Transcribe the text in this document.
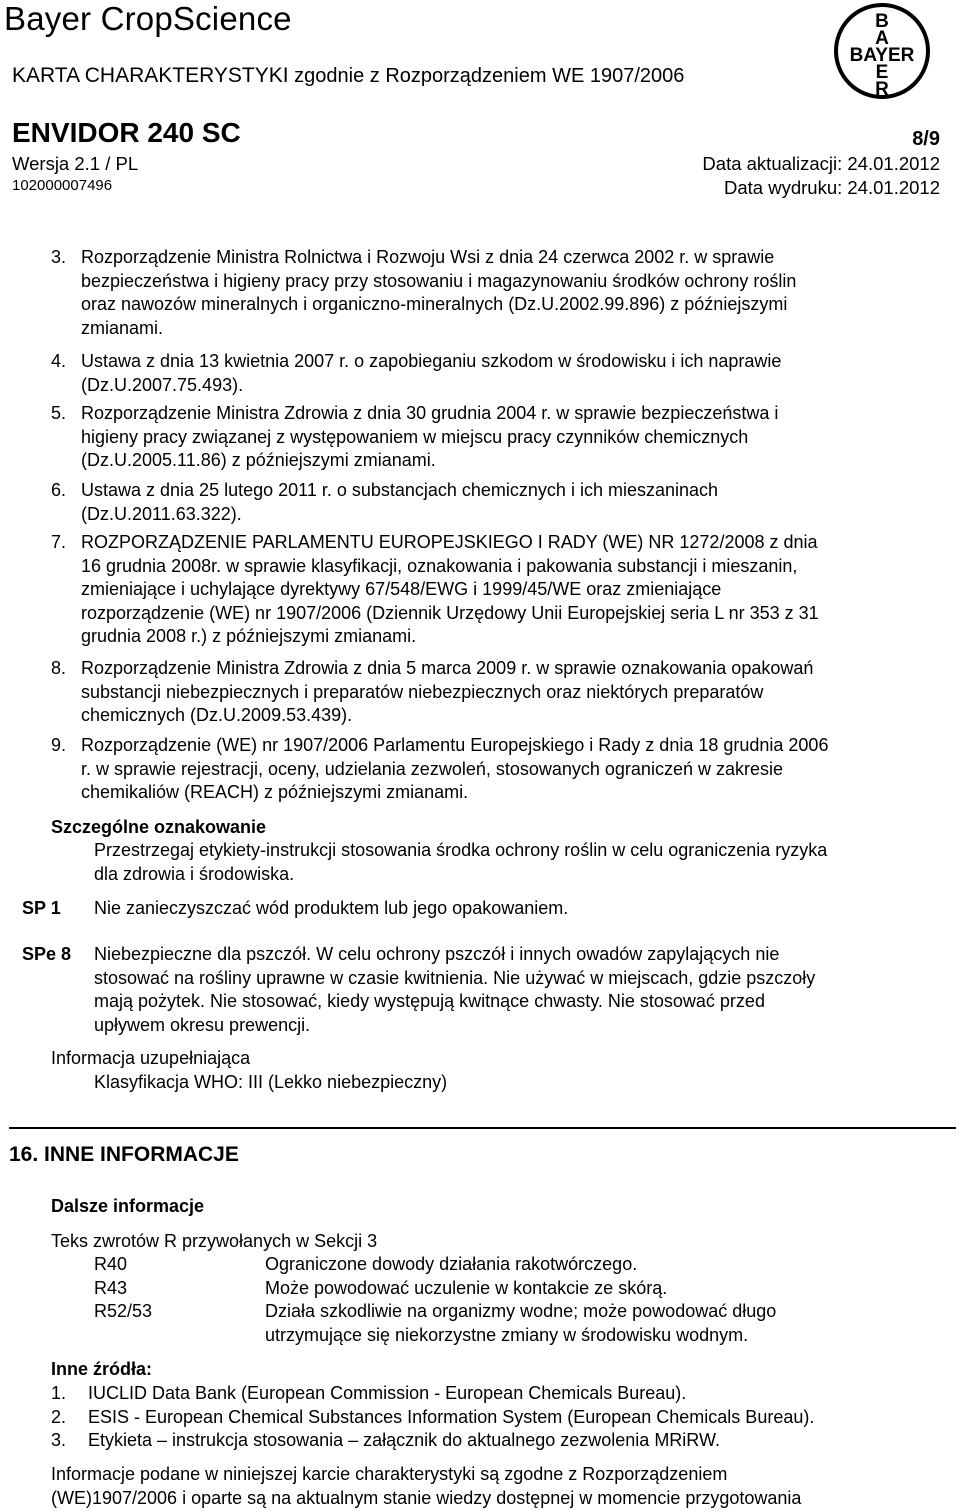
Bayer CropScience
KARTA CHARAKTERYSTYKI zgodnie z Rozporządzeniem WE 1907/2006
ENVIDOR 240 SC
Wersja 2.1 / PL
102000007496
8/9
Data aktualizacji: 24.01.2012
Data wydruku: 24.01.2012
B
A
E
R
BAYER
3. Rozporządzenie Ministra Rolnictwa i Rozwoju Wsi z dnia 24 czerwca 2002 r. w sprawie
bezpieczeństwa i higieny pracy przy stosowaniu i magazynowaniu środków ochrony roślin
oraz nawozów mineralnych i organiczno-mineralnych (Dz.U.2002.99.896) z późniejszymi
zmianami.
4. Ustawa z dnia 13 kwietnia 2007 r. o zapobieganiu szkodom w środowisku i ich naprawie
(Dz.U.2007.75.493).
5. Rozporządzenie Ministra Zdrowia z dnia 30 grudnia 2004 r. w sprawie bezpieczeństwa i
higieny pracy związanej z występowaniem w miejscu pracy czynników chemicznych
(Dz.U.2005.11.86) z późniejszymi zmianami.
6. Ustawa z dnia 25 lutego 2011 r. o substancjach chemicznych i ich mieszaninach
(Dz.U.2011.63.322).
7. ROZPORZĄDZENIE PARLAMENTU EUROPEJSKIEGO I RADY (WE) NR 1272/2008 z dnia
16 grudnia 2008r. w sprawie klasyfikacji, oznakowania i pakowania substancji i mieszanin,
zmieniające i uchylające dyrektywy 67/548/EWG i 1999/45/WE oraz zmieniające
rozporządzenie (WE) nr 1907/2006 (Dziennik Urzędowy Unii Europejskiej seria L nr 353 z 31
grudnia 2008 r.) z późniejszymi zmianami.
8. Rozporządzenie Ministra Zdrowia z dnia 5 marca 2009 r. w sprawie oznakowania opakowań
substancji niebezpiecznych i preparatów niebezpiecznych oraz niektórych preparatów
chemicznych (Dz.U.2009.53.439).
9. Rozporządzenie (WE) nr 1907/2006 Parlamentu Europejskiego i Rady z dnia 18 grudnia 2006
r. w sprawie rejestracji, oceny, udzielania zezwoleń, stosowanych ograniczeń w zakresie
chemikaliów (REACH) z późniejszymi zmianami.
Szczególne oznakowanie
Przestrzegaj etykiety-instrukcji stosowania środka ochrony roślin w celu ograniczenia ryzyka
dla zdrowia i środowiska.
SP 1 Nie zanieczyszczać wód produktem lub jego opakowaniem.
SPe 8 Niebezpieczne dla pszczół. W celu ochrony pszczół i innych owadów zapylających nie
stosować na rośliny uprawne w czasie kwitnienia. Nie używać w miejscach, gdzie pszczoły
mają pożytek. Nie stosować, kiedy występują kwitnące chwasty. Nie stosować przed
upływem okresu prewencji.
Informacja uzupełniająca
Klasyfikacja WHO: III (Lekko niebezpieczny)
16. INNE INFORMACJE
Dalsze informacje
Teks zwrotów R przywołanych w Sekcji 3
R40	Ograniczone dowody działania rakotwórczego.
R43	Może powodować uczulenie w kontakcie ze skórą.
R52/53	Działa szkodliwie na organizmy wodne; może powodować długo
utrzymujące się niekorzystne zmiany w środowisku wodnym.
Inne źródła:
1. IUCLID Data Bank (European Commission - European Chemicals Bureau).
2. ESIS - European Chemical Substances Information System (European Chemicals Bureau).
3. Etykieta – instrukcja stosowania – załącznik do aktualnego zezwolenia MRiRW.
Informacje podane w niniejszej karcie charakterystyki są zgodne z Rozporządzeniem
(WE)1907/2006 i oparte są na aktualnym stanie wiedzy dostępnej w momencie przygotowania
